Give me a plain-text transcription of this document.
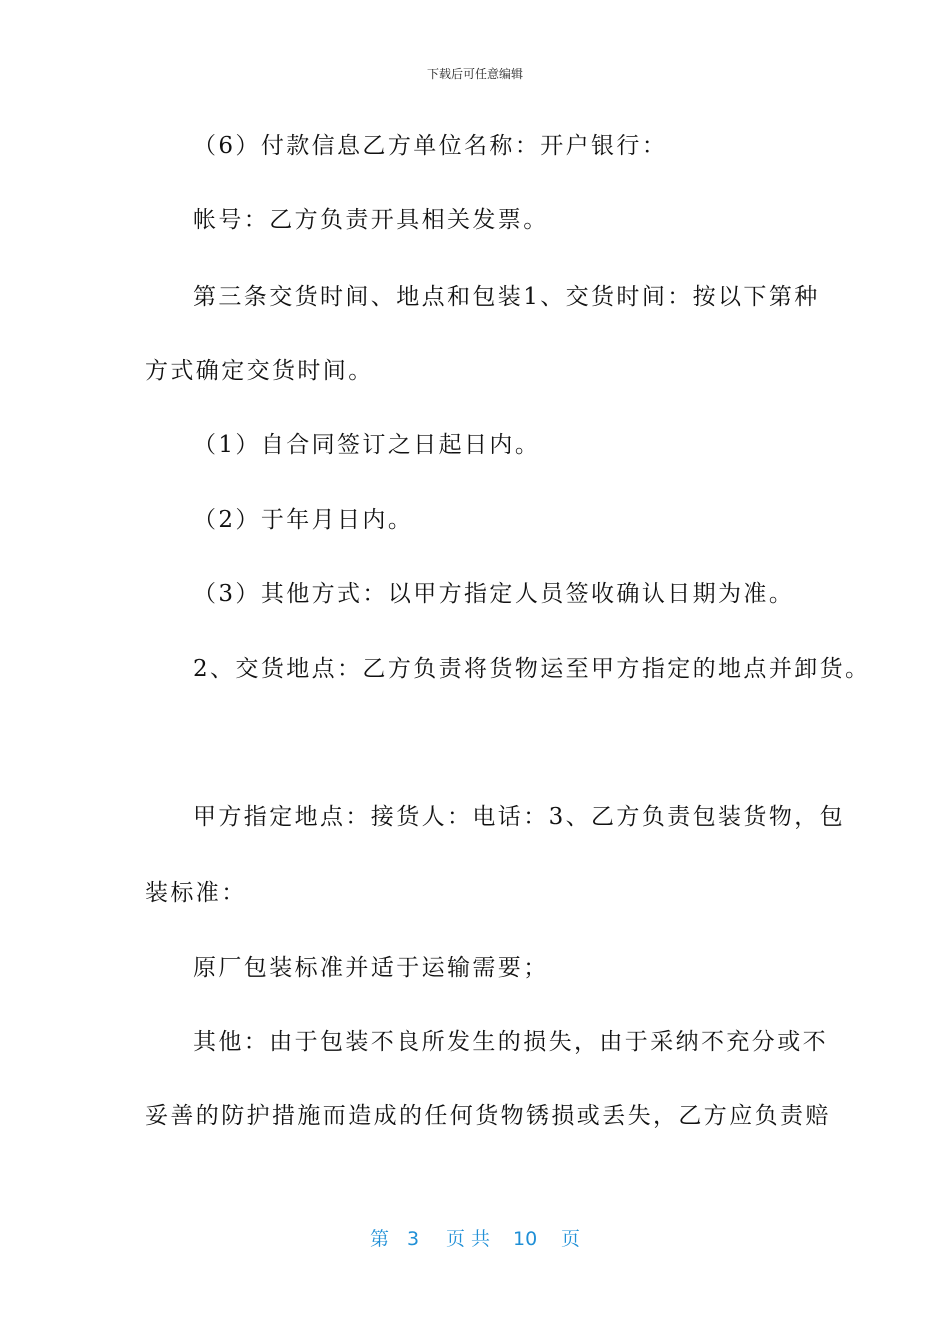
下载后可任意编辑
（6）付款信息乙方单位名称：开户银行：
帐号：乙方负责开具相关发票。
第三条交货时间、地点和包装1、交货时间：按以下第种
方式确定交货时间。
（1）自合同签订之日起日内。
（2）于年月日内。
（3）其他方式：以甲方指定人员签收确认日期为准。
2、交货地点：乙方负责将货物运至甲方指定的地点并卸货。
甲方指定地点：接货人：电话：3、乙方负责包装货物，包
装标准：
原厂包装标准并适于运输需要；
其他：由于包装不良所发生的损失，由于采纳不充分或不
妥善的防护措施而造成的任何货物锈损或丢失，乙方应负责赔
第 3 页 共 10 页
